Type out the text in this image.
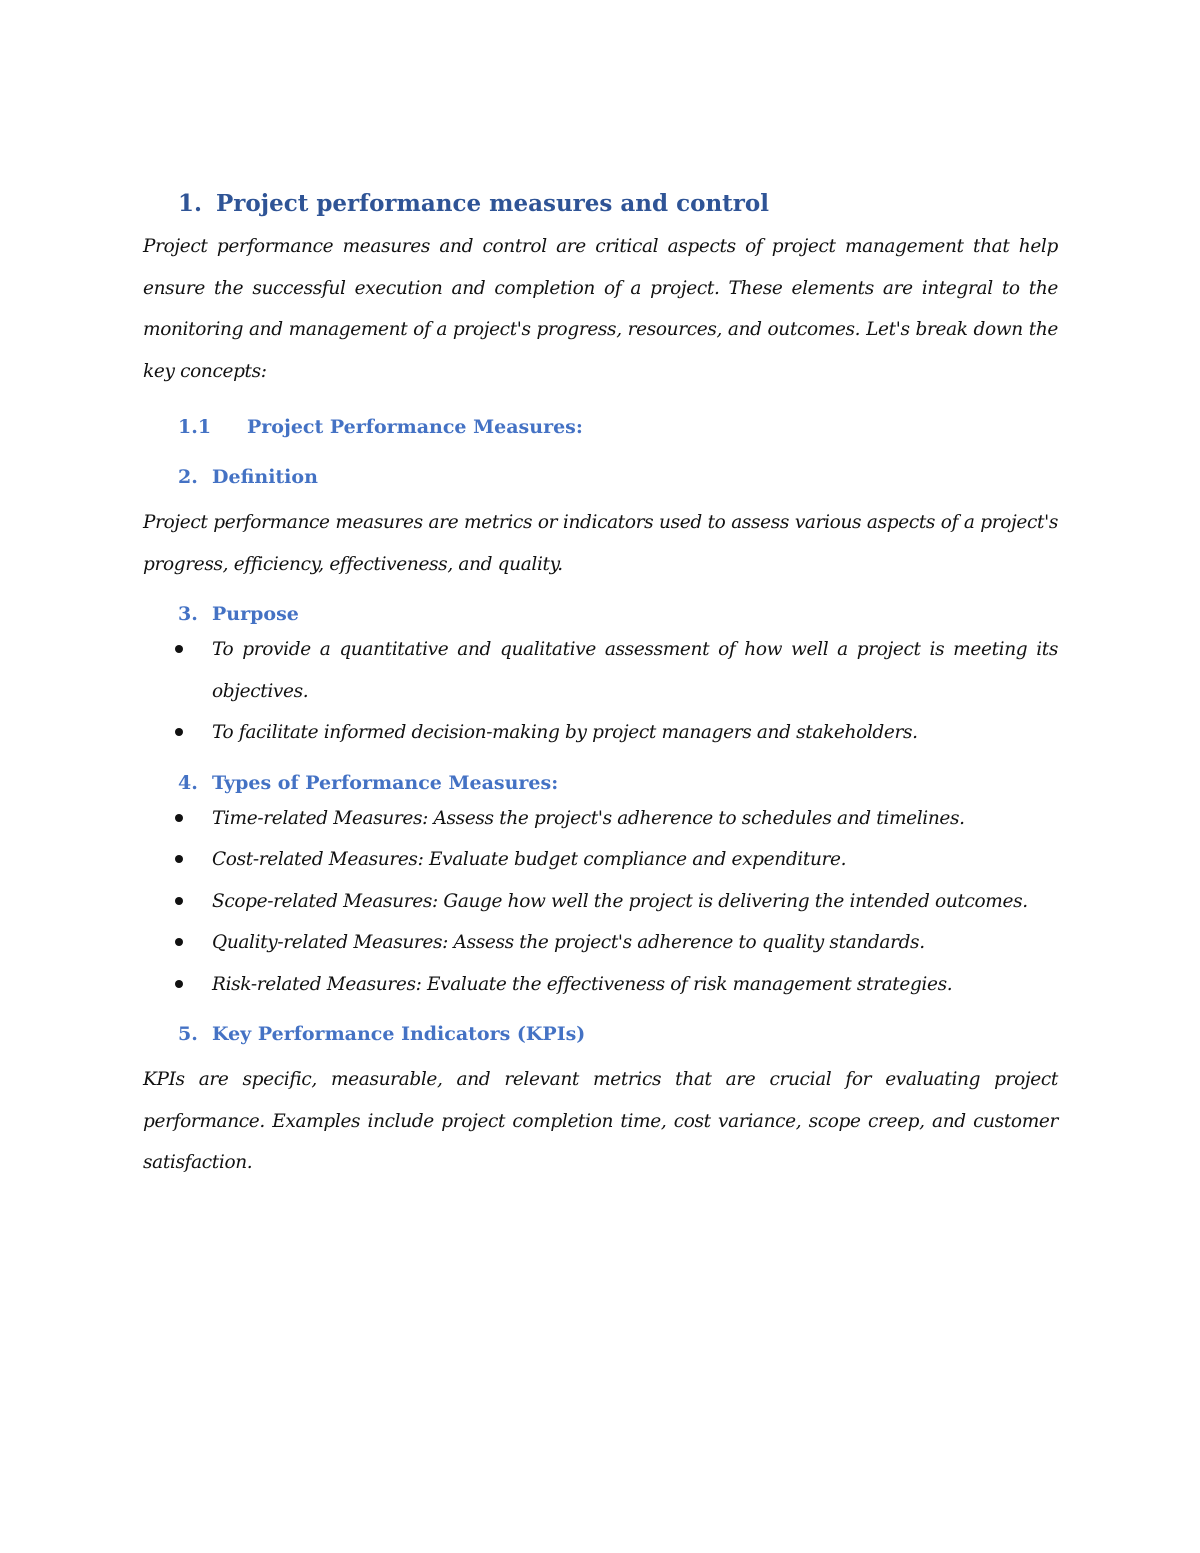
1. Project performance measures and control

Project performance measures and control are critical aspects of project management that help ensure the successful execution and completion of a project. These elements are integral to the monitoring and management of a project's progress, resources, and outcomes. Let's break down the key concepts:

1.1	Project Performance Measures:
2. Definition

Project performance measures are metrics or indicators used to assess various aspects of a project's progress, efficiency, effectiveness, and quality.

3. Purpose
To provide a quantitative and qualitative assessment of how well a project is meeting its objectives.
To facilitate informed decision-making by project managers and stakeholders.
4. Types of Performance Measures:
Time-related Measures: Assess the project's adherence to schedules and timelines.
Cost-related Measures: Evaluate budget compliance and expenditure.
Scope-related Measures: Gauge how well the project is delivering the intended outcomes.
Quality-related Measures: Assess the project's adherence to quality standards.
Risk-related Measures: Evaluate the effectiveness of risk management strategies.
5. Key Performance Indicators (KPIs)

KPIs are specific, measurable, and relevant metrics that are crucial for evaluating project performance. Examples include project completion time, cost variance, scope creep, and customer satisfaction.
